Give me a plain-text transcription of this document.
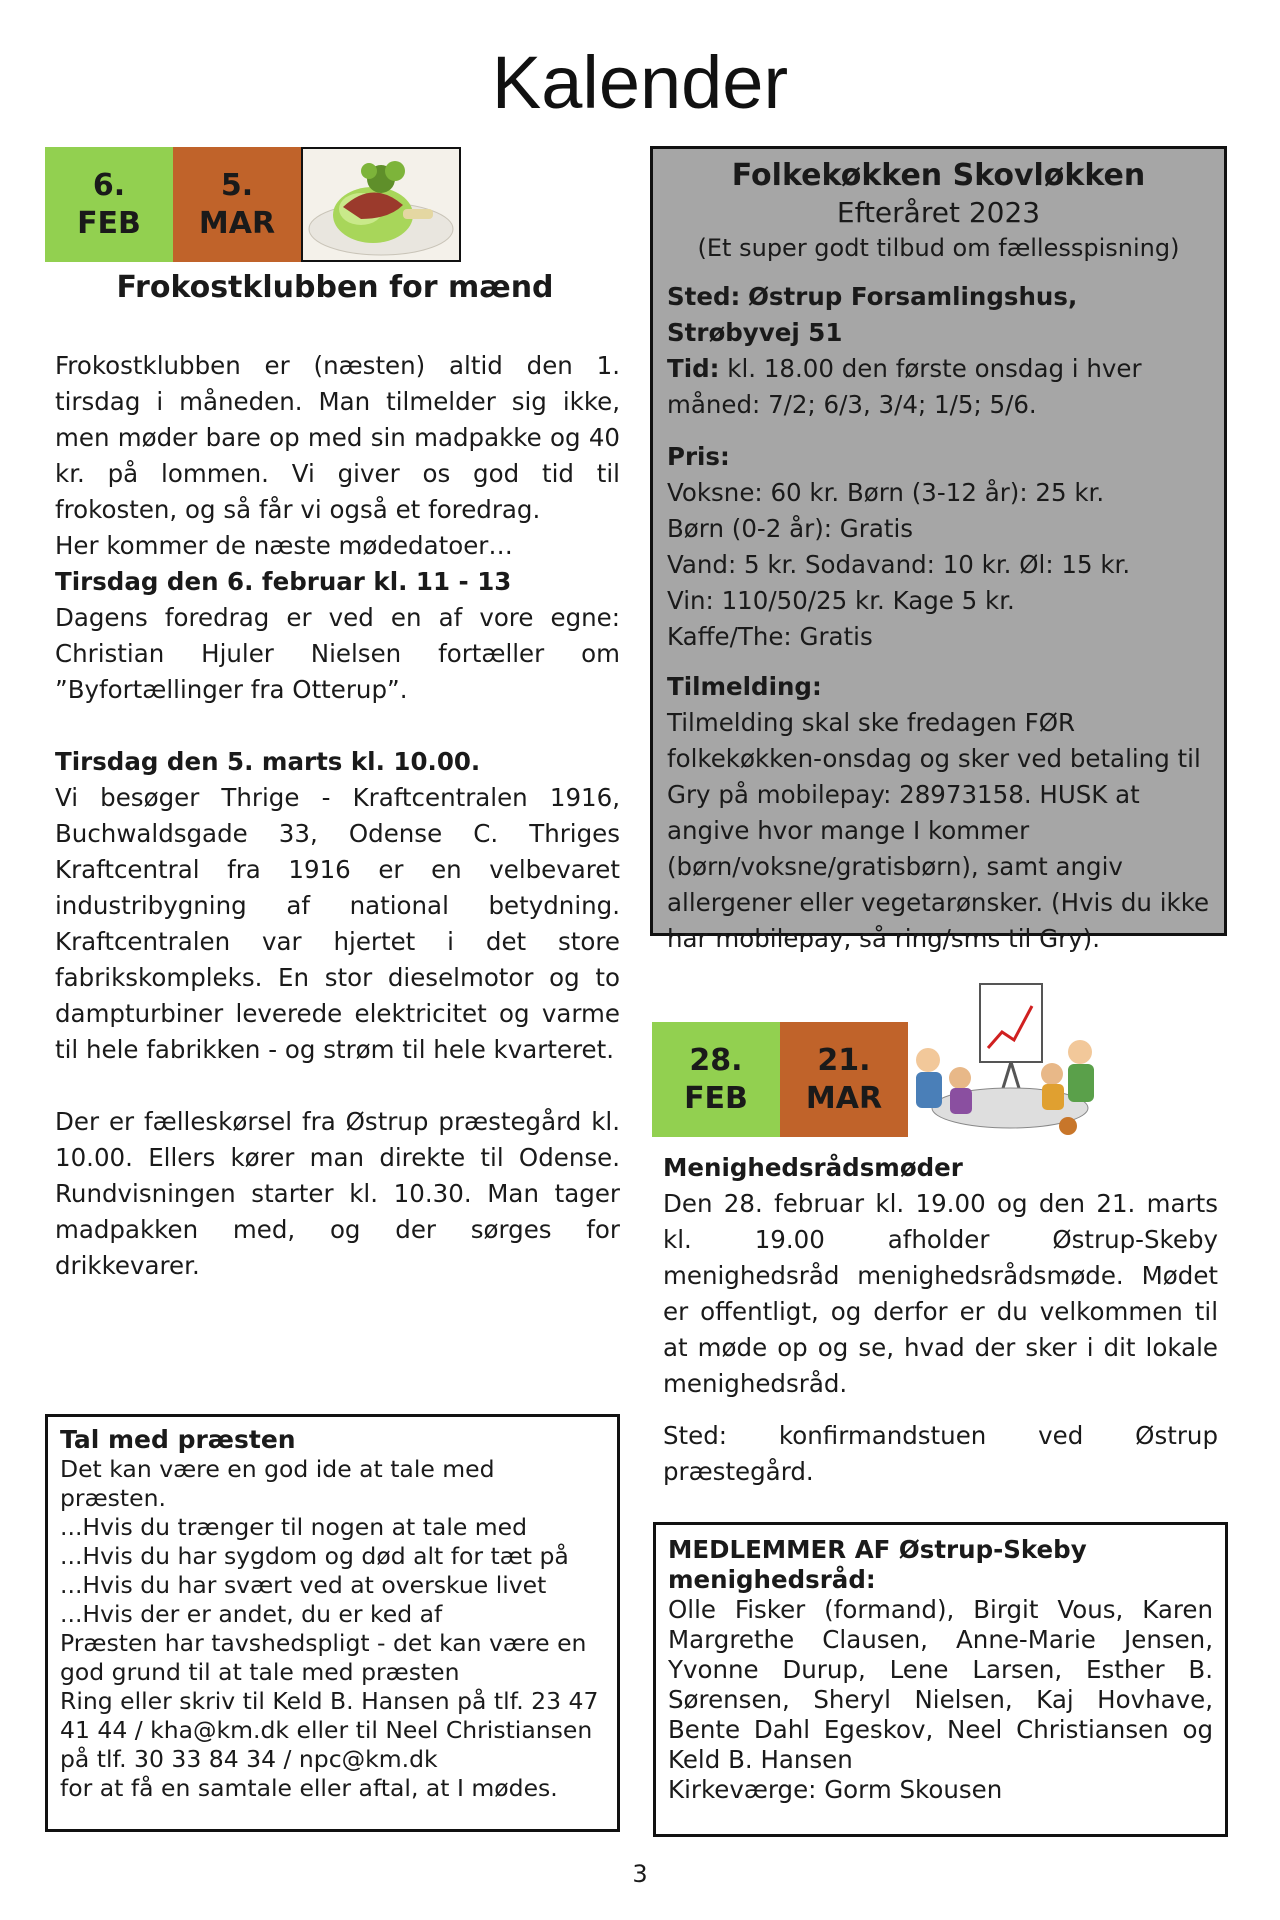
Kalender
6.
FEB
5.
MAR
Frokostklubben for mænd

Frokostklubben er (næsten) altid den 1. tirsdag i måneden. Man tilmelder sig ikke, men møder bare op med sin madpakke og 40 kr. på lommen. Vi giver os god tid til frokosten, og så får vi også et foredrag.

Her kommer de næste mødedatoer…

Tirsdag den 6. februar kl. 11 - 13

Dagens foredrag er ved en af vore egne: Christian Hjuler Nielsen fortæller om ”Byfortællinger fra Otterup”.

Tirsdag den 5. marts kl. 10.00.

Vi besøger Thrige - Kraftcentralen 1916, Buchwaldsgade 33, Odense C. Thriges Kraftcentral fra 1916 er en velbevaret industribygning af national betydning. Kraftcentralen var hjertet i det store fabrikskompleks. En stor dieselmotor og to dampturbiner leverede elektricitet og varme til hele fabrikken - og strøm til hele kvarteret.

Der er fælleskørsel fra Østrup præstegård kl. 10.00. Ellers kører man direkte til Odense. Rundvisningen starter kl. 10.30. Man tager madpakken med, og der sørges for drikkevarer.

Tal med præsten
Det kan være en god ide at tale med præsten.
...Hvis du trænger til nogen at tale med
...Hvis du har sygdom og død alt for tæt på
...Hvis du har svært ved at overskue livet
...Hvis der er andet, du er ked af
Præsten har tavshedspligt - det kan være en god grund til at tale med præsten
Ring eller skriv til Keld B. Hansen på tlf. 23 47 41 44 / kha@km.dk eller til Neel Christiansen på tlf. 30 33 84 34 / npc@km.dk
for at få en samtale eller aftal, at I mødes.
Folkekøkken Skovløkken
Efteråret 2023
(Et super godt tilbud om fællesspisning)
Sted: Østrup Forsamlingshus, Strøbyvej 51
Tid: kl. 18.00 den første onsdag i hver måned: 7/2; 6/3, 3/4; 1/5; 5/6.
Pris:
Voksne: 60 kr. Børn (3-12 år): 25 kr.
Børn (0-2 år): Gratis
Vand: 5 kr. Sodavand: 10 kr. Øl: 15 kr.
Vin: 110/50/25 kr. Kage 5 kr.
Kaffe/The: Gratis
Tilmelding:
Tilmelding skal ske fredagen FØR folkekøkken-onsdag og sker ved betaling til Gry på mobilepay: 28973158. HUSK at angive hvor mange I kommer (børn/voksne/gratisbørn), samt angiv allergener eller vegetarønsker. (Hvis du ikke har mobilepay, så ring/sms til Gry).
28.
FEB
21.
MAR

Menighedsrådsmøder

Den 28. februar kl. 19.00 og den 21. marts kl. 19.00 afholder Østrup-Skeby menighedsråd menighedsrådsmøde. Mødet er offentligt, og derfor er du velkommen til at møde op og se, hvad der sker i dit lokale menighedsråd.

Sted: konfirmandstuen ved Østrup præstegård.

MEDLEMMER AF Østrup-Skeby menighedsråd:
Olle Fisker (formand), Birgit Vous, Karen Margrethe Clausen, Anne-Marie Jensen, Yvonne Durup, Lene Larsen, Esther B. Sørensen, Sheryl Nielsen, Kaj Hovhave, Bente Dahl Egeskov, Neel Christiansen og Keld B. Hansen
Kirkeværge: Gorm Skousen
3
